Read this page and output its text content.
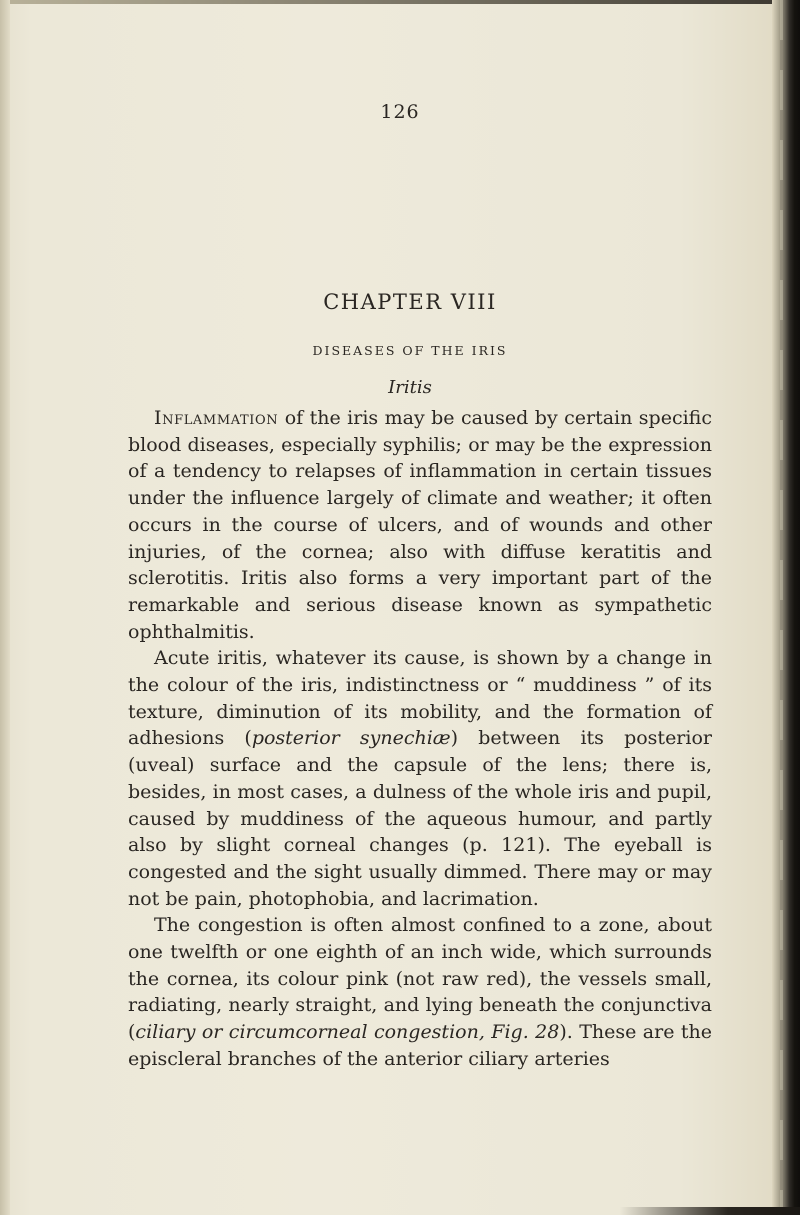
126
CHAPTER VIII
DISEASES OF THE IRIS
Iritis

Inflammation of the iris may be caused by certain specific blood diseases, especially syphilis; or may be the expression of a tendency to relapses of inflammation in certain tissues under the influence largely of climate and weather; it often occurs in the course of ulcers, and of wounds and other injuries, of the cornea; also with diffuse keratitis and sclerotitis. Iritis also forms a very important part of the remarkable and serious disease known as sympathetic ophthalmitis.

Acute iritis, whatever its cause, is shown by a change in the colour of the iris, indistinctness or “ muddiness ” of its texture, diminution of its mobility, and the formation of adhesions (posterior synechiæ) between its posterior (uveal) surface and the capsule of the lens; there is, besides, in most cases, a dulness of the whole iris and pupil, caused by muddiness of the aqueous humour, and partly also by slight corneal changes (p. 121). The eyeball is congested and the sight usually dimmed. There may or may not be pain, photophobia, and lacrimation.

The congestion is often almost confined to a zone, about one twelfth or one eighth of an inch wide, which surrounds the cornea, its colour pink (not raw red), the vessels small, radiating, nearly straight, and lying beneath the conjunctiva (ciliary or circumcorneal congestion, Fig. 28). These are the episcleral branches of the anterior ciliary arteries
